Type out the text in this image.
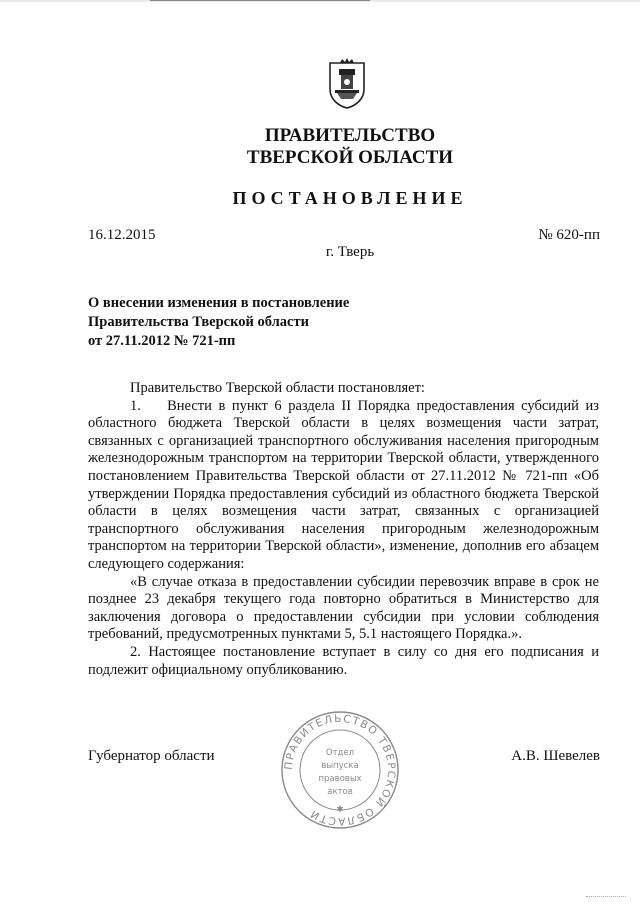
ПРАВИТЕЛЬСТВО
ТВЕРСКОЙ ОБЛАСТИ
ПОСТАНОВЛЕНИЕ
16.12.2015	№ 620-пп
г. Тверь
О внесении изменения в постановление
Правительства Тверской области
от 27.11.2012 № 721-пп

Правительство Тверской области постановляет:

1.    Внести в пункт 6 раздела II Порядка предоставления субсидий из областного бюджета Тверской области в целях возмещения части затрат, связанных с организацией транспортного обслуживания населения пригородным железнодорожным транспортом на территории Тверской области, утвержденного постановлением Правительства Тверской области от 27.11.2012 № 721-пп «Об утверждении Порядка предоставления субсидий из областного бюджета Тверской области в целях возмещения части затрат, связанных с организацией транспортного обслуживания населения пригородным железнодорожным транспортом на территории Тверской области», изменение, дополнив его абзацем следующего содержания:

«В случае отказа в предоставлении субсидии перевозчик вправе в срок не позднее 23 декабря текущего года повторно обратиться в Министерство для заключения договора о предоставлении субсидии при условии соблюдения требований, предусмотренных пунктами 5, 5.1 настоящего Порядка.».

2. Настоящее постановление вступает в силу со дня его подписания и подлежит официальному опубликованию.

Губернатор области	А.В. Шевелев
ПРАВИТЕЛЬСТВО ТВЕРСКОЙ ОБЛАСТИ
Отдел
выпуска
правовых
актов
✱
